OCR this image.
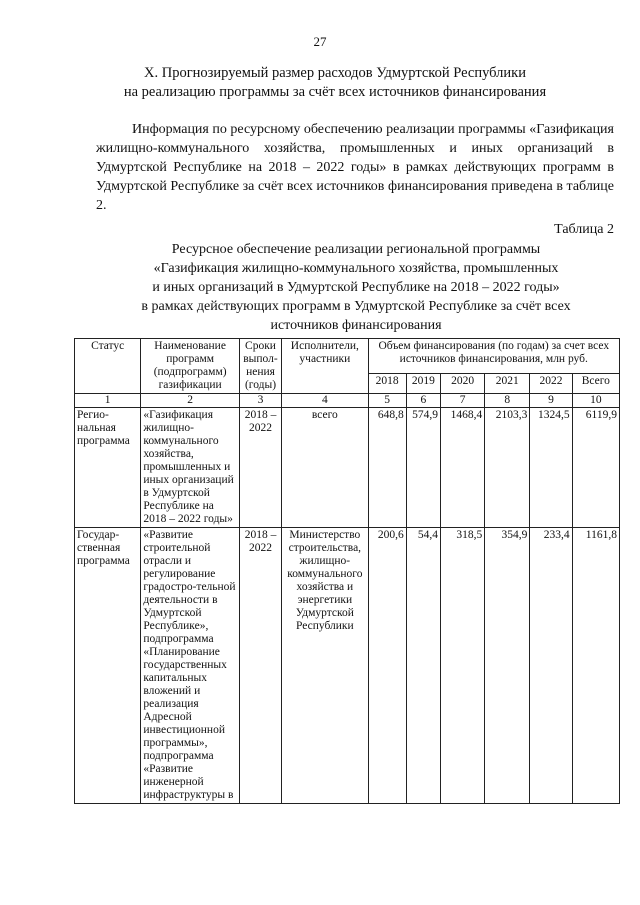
27
X. Прогнозируемый размер расходов Удмуртской Республики
на реализацию программы за счёт всех источников финансирования

Информация по ресурсному обеспечению реализации программы «Газификация жилищно-коммунального хозяйства, промышленных и иных организаций в Удмуртской Республике на 2018 – 2022 годы» в рамках действующих программ в Удмуртской Республике за счёт всех источников финансирования приведена в таблице 2.

Таблица 2
Ресурсное обеспечение реализации региональной программы
«Газификация жилищно-коммунального хозяйства, промышленных
и иных организаций в Удмуртской Республике на 2018 – 2022 годы»
в рамках действующих программ в Удмуртской Республике за счёт всех
источников финансирования
Статус	Наименование программ (подпрограмм) газификации	Сроки выпол-нения (годы)	Исполнители, участники	Объем финансирования (по годам) за счет всех источников финансирования, млн руб.					
				2018	2019	2020	2021	2022	Всего
1	2	3	4	5	6	7	8	9	10
Регио-нальная программа	«Газификация жилищно-коммунального хозяйства, промышленных и иных организаций в Удмуртской Республике на 2018 – 2022 годы»	2018 – 2022	всего	648,8	574,9	1468,4	2103,3	1324,5	6119,9
Государ-ственная программа	«Развитие строительной отрасли и регулирование градостро-тельной деятельности в Удмуртской Республике», подпрограмма «Планирование государственных капитальных вложений и реализация Адресной инвестиционной программы», подпрограмма «Развитие инженерной инфраструктуры в	2018 – 2022	Министерство строительства, жилищно-коммунального хозяйства и энергетики Удмуртской Республики	200,6	54,4	318,5	354,9	233,4	1161,8
